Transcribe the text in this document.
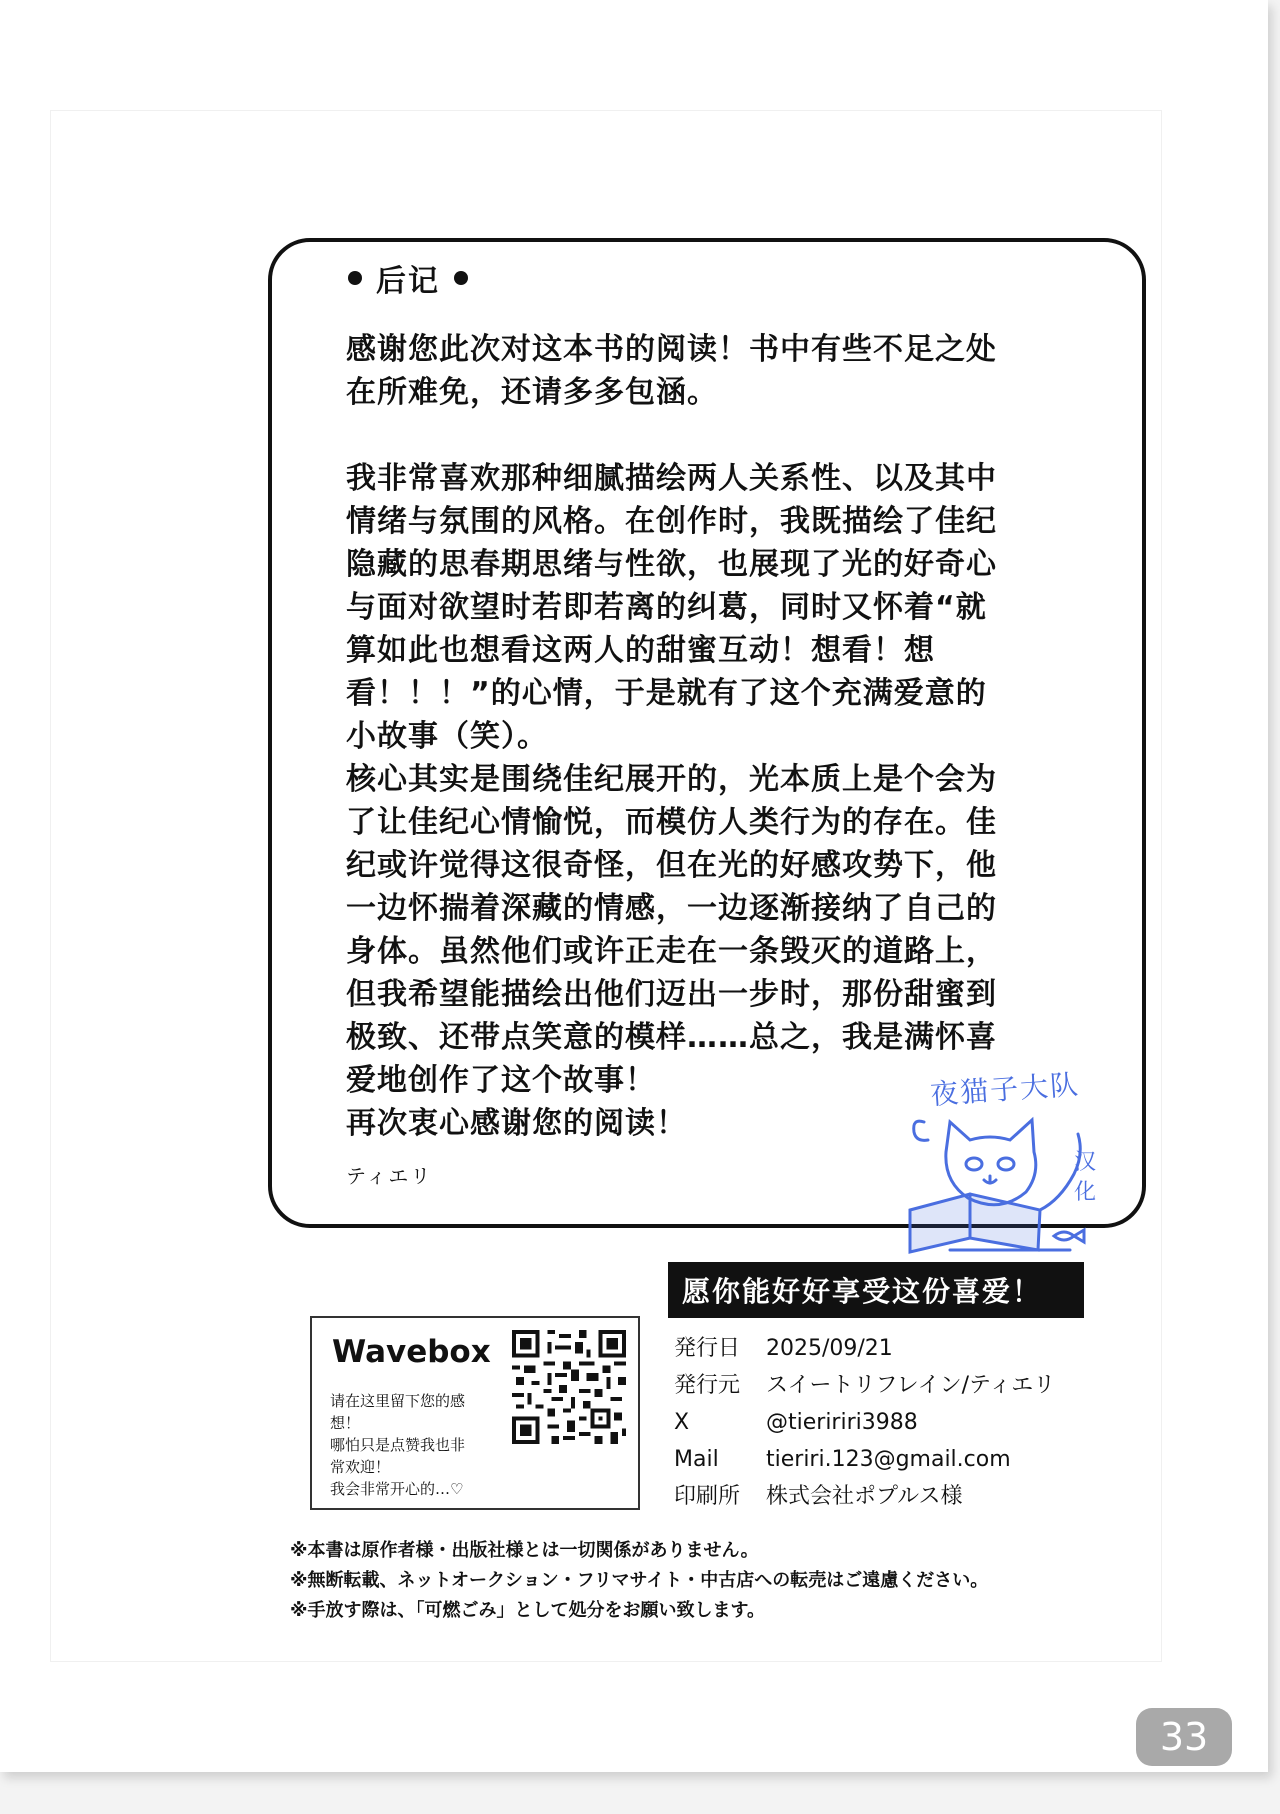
后记

感谢您此次对这本书的阅读！书中有些不足之处

在所难免，还请多多包涵。

我非常喜欢那种细腻描绘两人关系性、以及其中

情绪与氛围的风格。在创作时，我既描绘了佳纪

隐藏的思春期思绪与性欲，也展现了光的好奇心

与面对欲望时若即若离的纠葛，同时又怀着“就

算如此也想看这两人的甜蜜互动！想看！想

看！！！”的心情，于是就有了这个充满爱意的

小故事（笑）。

核心其实是围绕佳纪展开的，光本质上是个会为

了让佳纪心情愉悦，而模仿人类行为的存在。佳

纪或许觉得这很奇怪，但在光的好感攻势下，他

一边怀揣着深藏的情感，一边逐渐接纳了自己的

身体。虽然他们或许正走在一条毁灭的道路上，

但我希望能描绘出他们迈出一步时，那份甜蜜到

极致、还带点笑意的模样……总之，我是满怀喜

爱地创作了这个故事！

再次衷心感谢您的阅读！

ティエリ
夜猫子大队
汉化
愿你能好好享受这份喜爱！
Wavebox
请在这里留下您的感
想！
哪怕只是点赞我也非
常欢迎！
我会非常开心的…♡
発行日	2025/09/21
発行元	スイートリフレイン/ティエリ
X	@tieririri3988
Mail	tieriri.123@gmail.com
印刷所	株式会社ポプルス様
※本書は原作者様・出版社様とは一切関係がありません。
※無断転載、ネットオークション・フリマサイト・中古店への転売はご遠慮ください。
※手放す際は、「可燃ごみ」として処分をお願い致します。
33
